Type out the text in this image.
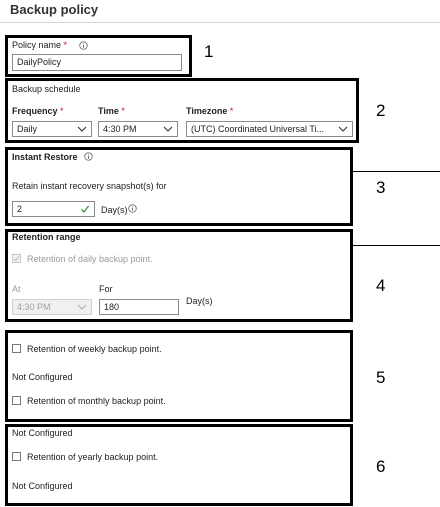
Backup policy
Policy name *
DailyPolicy
1
Backup schedule
Frequency *	Time *	Timezone *
Daily	4:30 PM	(UTC) Coordinated Universal Ti...
2
Instant Restore
Retain instant recovery snapshot(s) for
2	Day(s)
3
Retention range
Retention of daily backup point.
At	For
4:30 PM	180
Day(s)
4
Retention of weekly backup point.
Not Configured
Retention of monthly backup point.
5
Not Configured
Retention of yearly backup point.
Not Configured
6
